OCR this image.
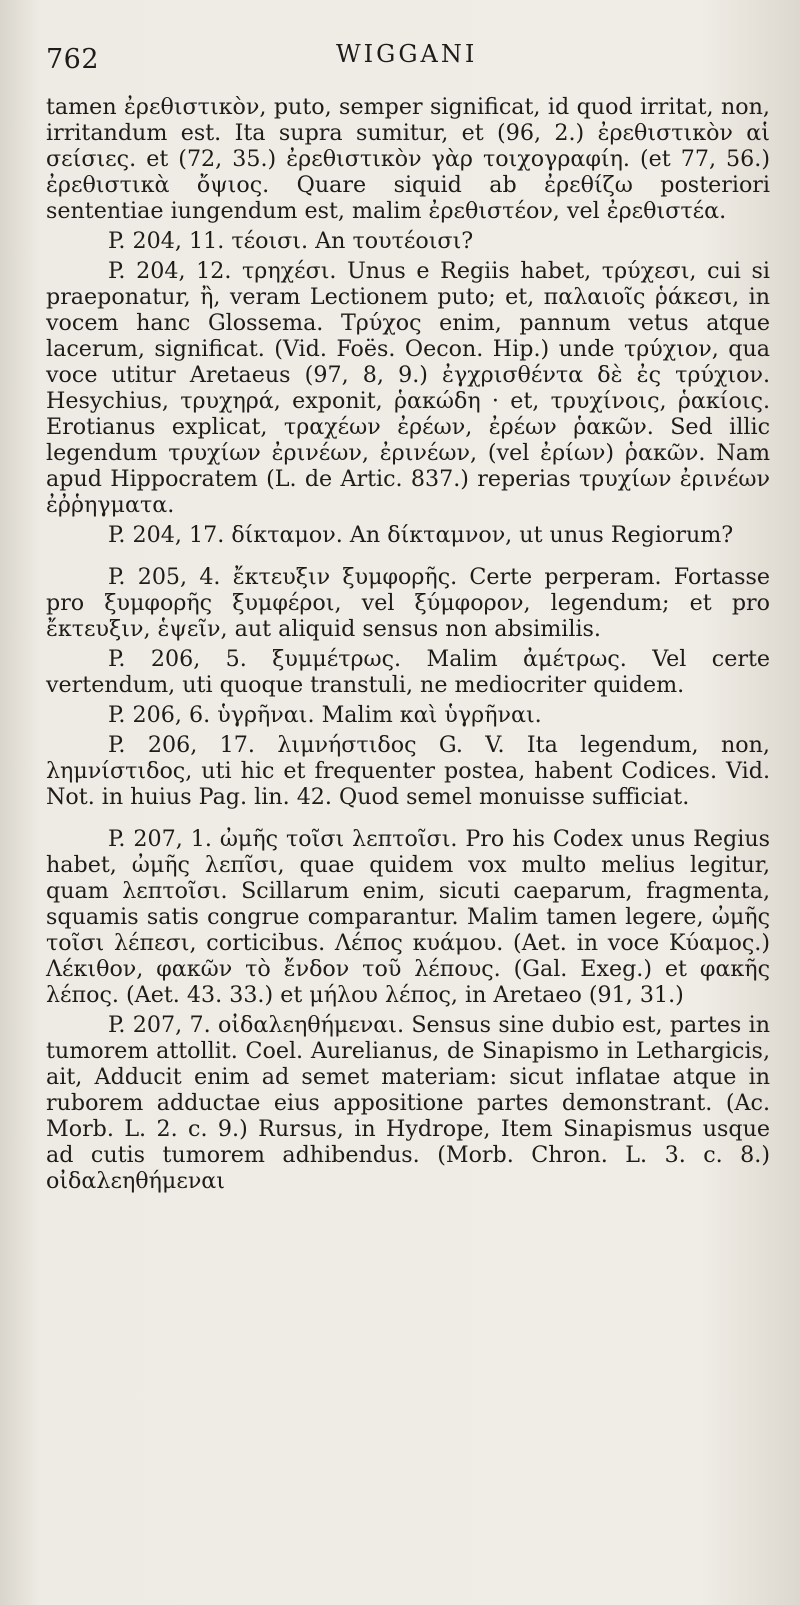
762	WIGGANI

tamen ἐρεθιστικὸν, puto, semper significat, id quod irritat, non, irritandum est. Ita supra sumitur, et (96, 2.) ἐρεθιστικὸν αἱ σείσιες. et (72, 35.) ἐρεθιστικὸν γὰρ τοιχογραφίη. (et 77, 56.) ἐρεθιστικὰ ὄψιος. Quare siquid ab ἐρεθίζω posteriori sententiae iungendum est, malim ἐρεθιστέον, vel ἐρεθιστέα.

P. 204, 11. τέοισι. An τουτέοισι?

P. 204, 12. τρηχέσι. Unus e Regiis habet, τρύχεσι, cui si praeponatur, ἢ, veram Lectionem puto; et, παλαιοῖς ῥάκεσι, in vocem hanc Glossema. Τρύχος enim, pannum vetus atque lacerum, significat. (Vid. Foës. Oecon. Hip.) unde τρύχιον, qua voce utitur Aretaeus (97, 8, 9.) ἐγχρισθέντα δὲ ἐς τρύχιον. Hesychius, τρυχηρά, exponit, ῥακώδη · et, τρυχίνοις, ῥακίοις. Erotianus explicat, τραχέων ἐρέων, ἐρέων ῥακῶν. Sed illic legendum τρυχίων ἐρινέων, ἐρινέων, (vel ἐρίων) ῥακῶν. Nam apud Hippocratem (L. de Artic. 837.) reperias τρυχίων ἐρινέων ἐῤῥηγματα.

P. 204, 17. δίκταμον. An δίκταμνον, ut unus Regiorum?

P. 205, 4. ἔκτευξιν ξυμφορῆς. Certe perperam. Fortasse pro ξυμφορῆς ξυμφέροι, vel ξύμφορον, legendum; et pro ἔκτευξιν, ἑψεῖν, aut aliquid sensus non absimilis.

P. 206, 5. ξυμμέτρως. Malim ἀμέτρως. Vel certe vertendum, uti quoque transtuli, ne mediocriter quidem.

P. 206, 6. ὑγρῆναι. Malim καὶ ὑγρῆναι.

P. 206, 17. λιμνήστιδος G. V. Ita legendum, non, λημνίστιδος, uti hic et frequenter postea, habent Codices. Vid. Not. in huius Pag. lin. 42. Quod semel monuisse sufficiat.

P. 207, 1. ὠμῆς τοῖσι λεπτοῖσι. Pro his Codex unus Regius habet, ὠμῆς λεπῖσι, quae quidem vox multo melius legitur, quam λεπτοῖσι. Scillarum enim, sicuti caeparum, fragmenta, squamis satis congrue comparantur. Malim tamen legere, ὠμῆς τοῖσι λέπεσι, corticibus. Λέπος κυάμου. (Aet. in voce Κύαμος.) Λέκιθον, φακῶν τὸ ἔνδον τοῦ λέπους. (Gal. Exeg.) et φακῆς λέπος. (Aet. 43. 33.) et μήλου λέπος, in Aretaeo (91, 31.)

P. 207, 7. οἰδαλεηθήμεναι. Sensus sine dubio est, partes in tumorem attollit. Coel. Aurelianus, de Sinapismo in Lethargicis, ait, Adducit enim ad semet materiam: sicut inflatae atque in ruborem adductae eius appositione partes demonstrant. (Ac. Morb. L. 2. c. 9.) Rursus, in Hydrope, Item Sinapismus usque ad cutis tumorem adhibendus. (Morb. Chron. L. 3. c. 8.) οἰδαλεηθήμεναι
